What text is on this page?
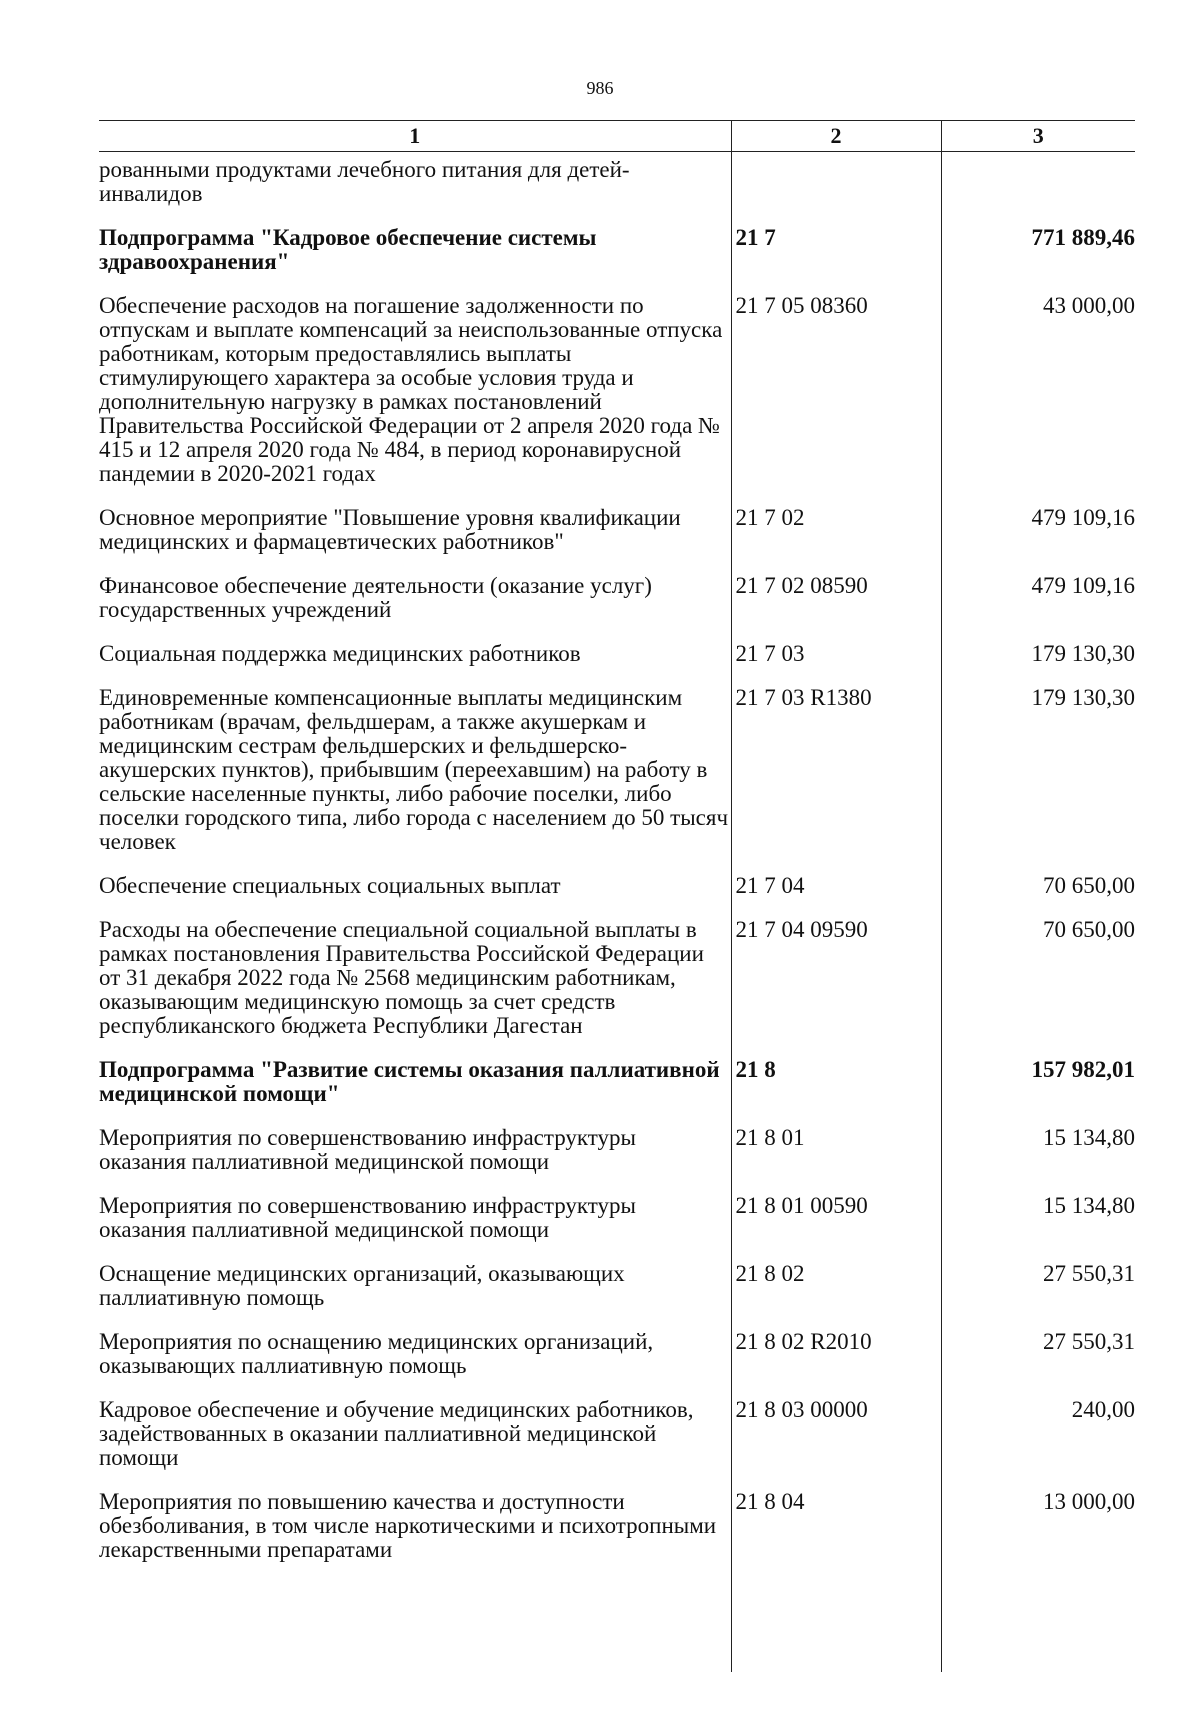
986
1	2	3
рованными продуктами лечебного питания для детей-инвалидов		
Подпрограмма "Кадровое обеспечение системы здравоохранения"	21 7	771 889,46
Обеспечение расходов на погашение задолженности по отпускам и выплате компенсаций за неиспользованные отпуска работникам, которым предоставлялись выплаты стимулирующего характера за особые условия труда и дополнительную нагрузку в рамках постановлений Правительства Российской Федерации от 2 апреля 2020 года № 415 и 12 апреля 2020 года № 484, в период коронавирусной пандемии в 2020-2021 годах	21 7 05 08360	43 000,00
Основное мероприятие "Повышение уровня квалификации медицинских и фармацевтических работников"	21 7 02	479 109,16
Финансовое обеспечение деятельности (оказание услуг) государственных учреждений	21 7 02 08590	479 109,16
Социальная поддержка медицинских работников	21 7 03	179 130,30
Единовременные компенсационные выплаты медицинским работникам (врачам, фельдшерам, а также акушеркам и медицинским сестрам фельдшерских и фельдшерско-акушерских пунктов), прибывшим (переехавшим) на работу в сельские населенные пункты, либо рабочие поселки, либо поселки городского типа, либо города с населением до 50 тысяч человек	21 7 03 R1380	179 130,30
Обеспечение специальных социальных выплат	21 7 04	70 650,00
Расходы на обеспечение специальной социальной выплаты в рамках постановления Правительства Российской Федерации от 31 декабря 2022 года № 2568 медицинским работникам, оказывающим медицинскую помощь за счет средств республиканского бюджета Республики Дагестан	21 7 04 09590	70 650,00
Подпрограмма "Развитие системы оказания паллиативной медицинской помощи"	21 8	157 982,01
Мероприятия по совершенствованию инфраструктуры оказания паллиативной медицинской помощи	21 8 01	15 134,80
Мероприятия по совершенствованию инфраструктуры оказания паллиативной медицинской помощи	21 8 01 00590	15 134,80
Оснащение медицинских организаций, оказывающих паллиативную помощь	21 8 02	27 550,31
Мероприятия по оснащению медицинских организаций, оказывающих паллиативную помощь	21 8 02 R2010	27 550,31
Кадровое обеспечение и обучение медицинских работников, задействованных в оказании паллиативной медицинской помощи	21 8 03 00000	240,00
Мероприятия по повышению качества и доступности обезболивания, в том числе наркотическими и психотропными лекарственными препаратами	21 8 04	13 000,00
